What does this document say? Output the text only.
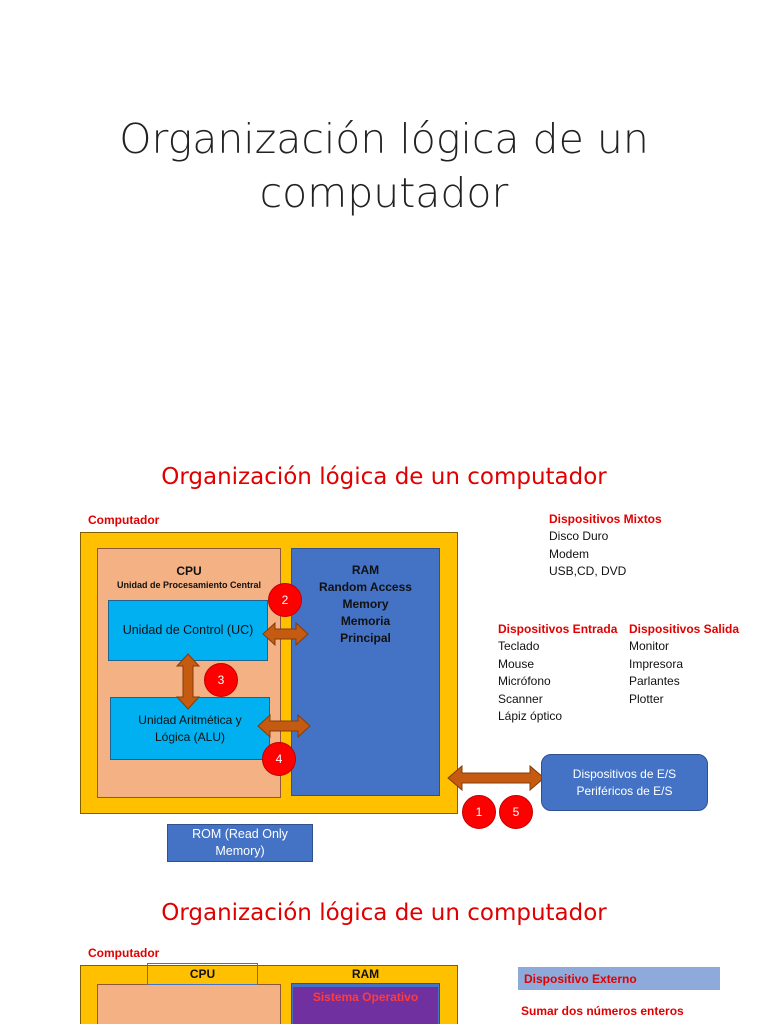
Organización lógica de un
computador
Organización lógica de un computador
Computador
CPU
Unidad de Procesamiento Central
Unidad de Control (UC)
Unidad Aritmética y
Lógica (ALU)
RAM
Random Access
Memory
Memoria
Principal
2
3
4
1	5
ROM (Read Only
Memory)
Dispositivos de E/S
Periféricos de E/S
Dispositivos Mixtos
Disco Duro
Modem
USB,CD, DVD
Dispositivos Entrada
Teclado
Mouse
Micrófono
Scanner
Lápiz óptico
Dispositivos Salida
Monitor
Impresora
Parlantes
Plotter
Organización lógica de un computador
Computador
CPU	RAM
Sistema Operativo
Dispositivo Externo
Sumar dos números enteros
